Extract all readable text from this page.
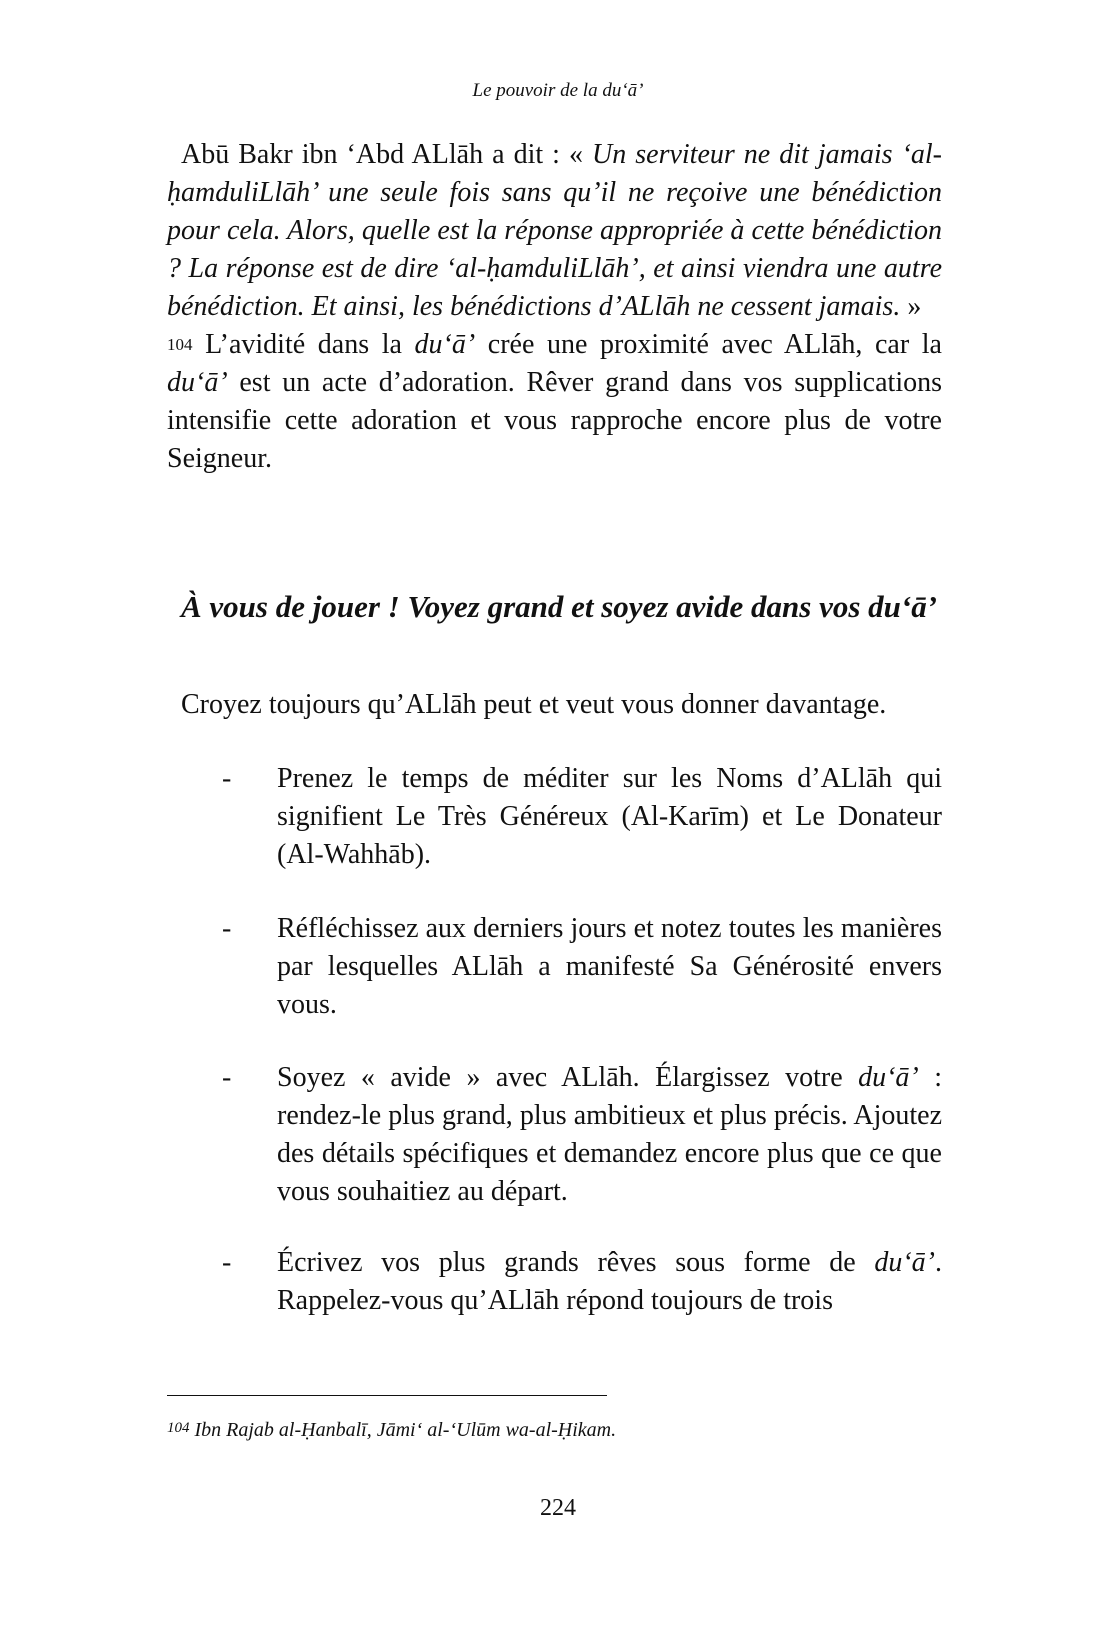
Le pouvoir de la du‘ā’

Abū Bakr ibn ‘Abd ALlāh a dit : « Un serviteur ne dit jamais ‘al-ḥamduliLlāh’ une seule fois sans qu’il ne reçoive une bénédiction pour cela. Alors, quelle est la réponse appropriée à cette bénédiction ? La réponse est de dire ‘al-ḥamduliLlāh’, et ainsi viendra une autre bénédiction. Et ainsi, les bénédictions d’ALlāh ne cessent jamais. »
104 L’avidité dans la du‘ā’ crée une proximité avec ALlāh, car la du‘ā’ est un acte d’adoration. Rêver grand dans vos supplications intensifie cette adoration et vous rapproche encore plus de votre Seigneur.

À vous de jouer ! Voyez grand et soyez avide dans vos du‘ā’

Croyez toujours qu’ALlāh peut et veut vous donner davantage.

- Prenez le temps de méditer sur les Noms d’ALlāh qui signifient Le Très Généreux (Al-Karīm) et Le Donateur (Al-Wahhāb).
- Réfléchissez aux derniers jours et notez toutes les manières par lesquelles ALlāh a manifesté Sa Générosité envers vous.
- Soyez « avide » avec ALlāh. Élargissez votre du‘ā’ : rendez-le plus grand, plus ambitieux et plus précis. Ajoutez des détails spécifiques et demandez encore plus que ce que vous souhaitiez au départ.
- Écrivez vos plus grands rêves sous forme de du‘ā’. Rappelez-vous qu’ALlāh répond toujours de trois
$^{104}$ Ibn Rajab al-Ḥanbalī, Jāmi‘ al-‘Ulūm wa-al-Ḥikam.
224
